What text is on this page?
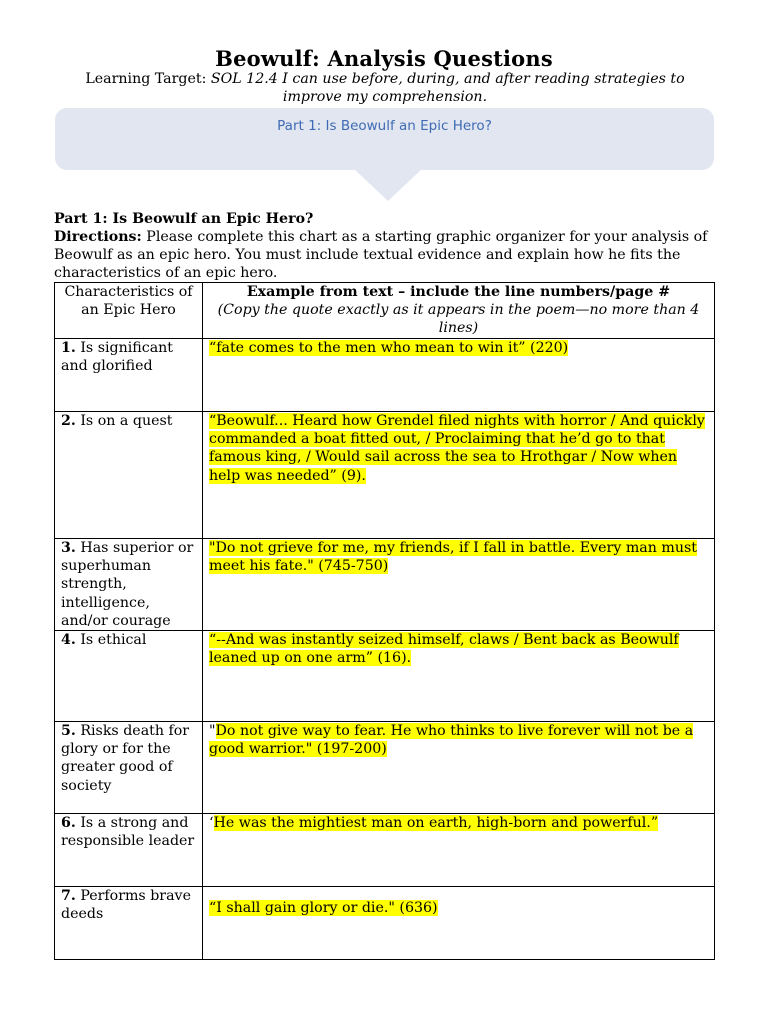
Beowulf: Analysis Questions
Learning Target: SOL 12.4 I can use before, during, and after reading strategies to improve my comprehension.
Part 1: Is Beowulf an Epic Hero?
Part 1: Is Beowulf an Epic Hero?
Directions: Please complete this chart as a starting graphic organizer for your analysis of Beowulf as an epic hero. You must include textual evidence and explain how he fits the characteristics of an epic hero.
Characteristics of an Epic Hero	Example from text – include the line numbers/page #
(Copy the quote exactly as it appears in the poem—no more than 4 lines)

1. Is significant and glorified	“fate comes to the men who mean to win it” (220)
2. Is on a quest	“Beowulf... Heard how Grendel filed nights with horror / And quickly commanded a boat fitted out, / Proclaiming that he’d go to that famous king, / Would sail across the sea to Hrothgar / Now when help was needed” (9).
3. Has superior or superhuman strength, intelligence, and/or courage	"Do not grieve for me, my friends, if I fall in battle. Every man must meet his fate." (745-750)
4. Is ethical	“--And was instantly seized himself, claws / Bent back as Beowulf leaned up on one arm” (16).
5. Risks death for glory or for the greater good of society	"Do not give way to fear. He who thinks to live forever will not be a good warrior." (197-200)
6. Is a strong and responsible leader	‘He was the mightiest man on earth, high-born and powerful.”
7. Performs brave deeds	“I shall gain glory or die." (636)
